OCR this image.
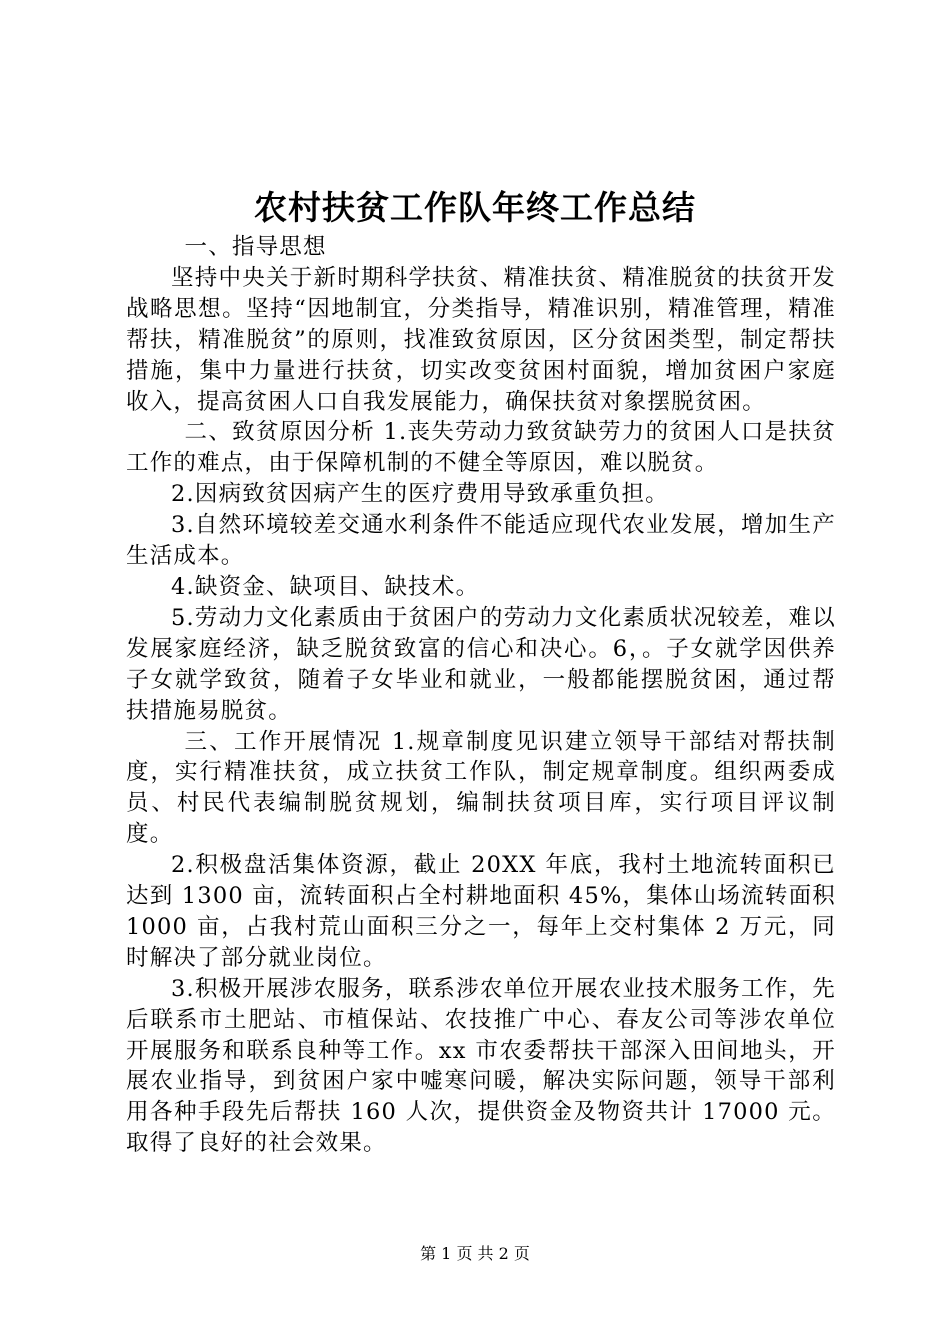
农村扶贫工作队年终工作总结

一、指导思想

坚持中央关于新时期科学扶贫、精准扶贫、精准脱贫的扶贫开发战略思想。坚持“因地制宜，分类指导，精准识别，精准管理，精准帮扶，精准脱贫”的原则，找准致贫原因，区分贫困类型，制定帮扶措施，集中力量进行扶贫，切实改变贫困村面貌，增加贫困户家庭收入，提高贫困人口自我发展能力，确保扶贫对象摆脱贫困。

二、致贫原因分析 1.丧失劳动力致贫缺劳力的贫困人口是扶贫工作的难点，由于保障机制的不健全等原因，难以脱贫。

2.因病致贫因病产生的医疗费用导致承重负担。

3.自然环境较差交通水利条件不能适应现代农业发展，增加生产生活成本。

4.缺资金、缺项目、缺技术。

5.劳动力文化素质由于贫困户的劳动力文化素质状况较差，难以发展家庭经济，缺乏脱贫致富的信心和决心。6，。子女就学因供养子女就学致贫，随着子女毕业和就业，一般都能摆脱贫困，通过帮扶措施易脱贫。

三、工作开展情况 1.规章制度见识建立领导干部结对帮扶制度，实行精准扶贫，成立扶贫工作队，制定规章制度。组织两委成员、村民代表编制脱贫规划，编制扶贫项目库，实行项目评议制度。

2.积极盘活集体资源，截止 20XX 年底，我村土地流转面积已达到 1300 亩，流转面积占全村耕地面积 45%，集体山场流转面积 1000 亩，占我村荒山面积三分之一，每年上交村集体 2 万元，同时解决了部分就业岗位。

3.积极开展涉农服务，联系涉农单位开展农业技术服务工作，先后联系市土肥站、市植保站、农技推广中心、春友公司等涉农单位开展服务和联系良种等工作。xx 市农委帮扶干部深入田间地头，开展农业指导，到贫困户家中嘘寒问暖，解决实际问题，领导干部利用各种手段先后帮扶 160 人次，提供资金及物资共计 17000 元。取得了良好的社会效果。

第 1 页 共 2 页
